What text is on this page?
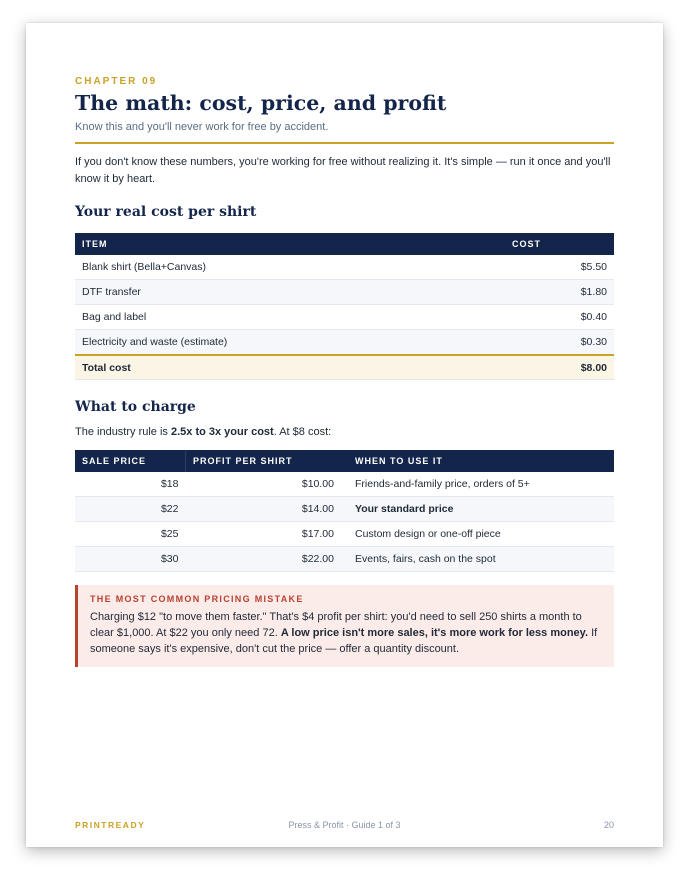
CHAPTER 09
The math: cost, price, and profit
Know this and you'll never work for free by accident.
If you don't know these numbers, you're working for free without realizing it. It's simple — run it once and you'll know it by heart.
Your real cost per shirt
ITEM	COST
Blank shirt (Bella+Canvas)	$5.50
DTF transfer	$1.80
Bag and label	$0.40
Electricity and waste (estimate)	$0.30
Total cost	$8.00
What to charge
The industry rule is 2.5x to 3x your cost. At $8 cost:
SALE PRICE	PROFIT PER SHIRT	WHEN TO USE IT
$18	$10.00	Friends-and-family price, orders of 5+
$22	$14.00	Your standard price
$25	$17.00	Custom design or one-off piece
$30	$22.00	Events, fairs, cash on the spot
THE MOST COMMON PRICING MISTAKE
Charging $12 "to move them faster." That's $4 profit per shirt: you'd need to sell 250 shirts a month to clear $1,000. At $22 you only need 72. A low price isn't more sales, it's more work for less money. If someone says it's expensive, don't cut the price — offer a quantity discount.
PRINTREADY	Press & Profit · Guide 1 of 3	20
